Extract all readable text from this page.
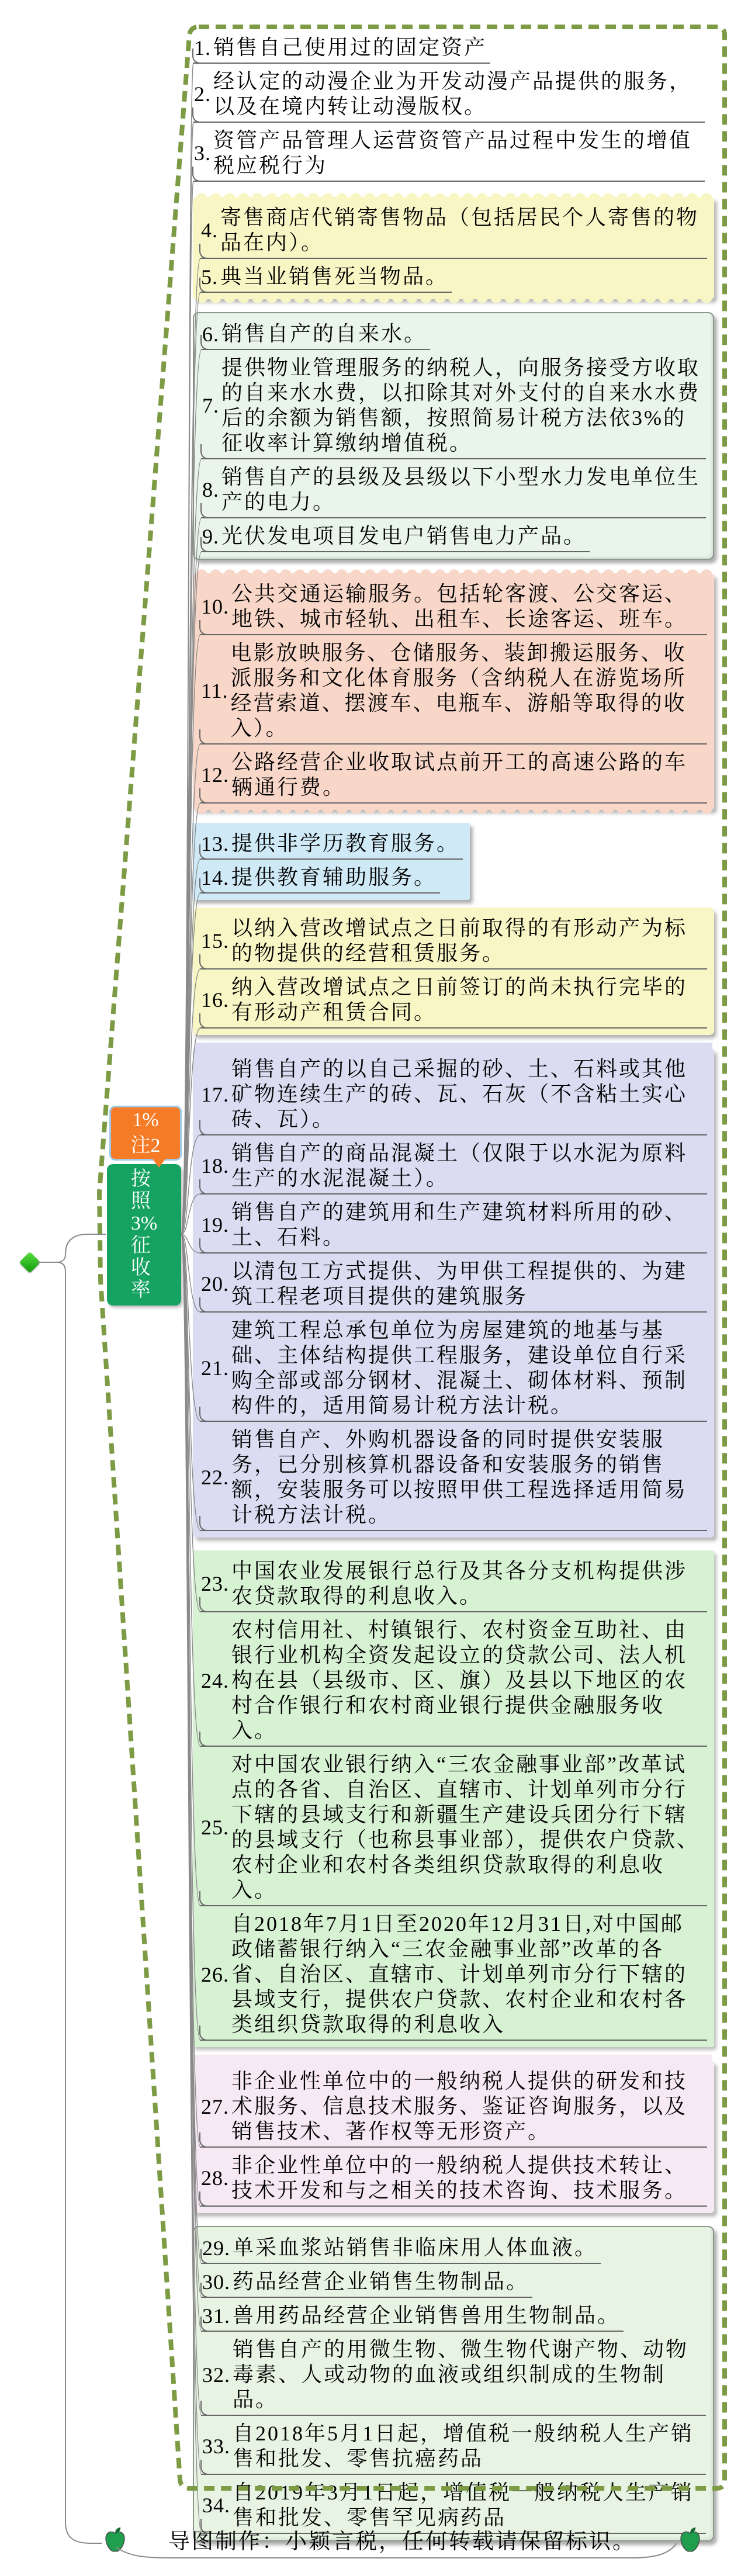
1%
注2
按
照
3%
征
收
率
1. 销售自己使用过的固定资产
2.
经认定的动漫企业为开发动漫产品提供的服务，以及在境内转让动漫版权。
3.
资管产品管理人运营资管产品过程中发生的增值税应税行为
4.
寄售商店代销寄售物品（包括居民个人寄售的物品在内）。
5. 典当业销售死当物品。
6. 销售自产的自来水。
7.
提供物业管理服务的纳税人，向服务接受方收取的自来水水费，以扣除其对外支付的自来水水费后的余额为销售额，按照简易计税方法依3%的征收率计算缴纳增值税。
8.
销售自产的县级及县级以下小型水力发电单位生产的电力。
9. 光伏发电项目发电户销售电力产品。
10.
公共交通运输服务。包括轮客渡、公交客运、地铁、城市轻轨、出租车、长途客运、班车。
11.
电影放映服务、仓储服务、装卸搬运服务、收派服务和文化体育服务（含纳税人在游览场所经营索道、摆渡车、电瓶车、游船等取得的收入）。
12.
公路经营企业收取试点前开工的高速公路的车辆通行费。
13. 提供非学历教育服务。
14. 提供教育辅助服务。
15.
以纳入营改增试点之日前取得的有形动产为标的物提供的经营租赁服务。
16.
纳入营改增试点之日前签订的尚未执行完毕的有形动产租赁合同。
17.
销售自产的以自己采掘的砂、土、石料或其他矿物连续生产的砖、瓦、石灰（不含粘土实心砖、瓦）。
18.
销售自产的商品混凝土（仅限于以水泥为原料生产的水泥混凝土）。
19.
销售自产的建筑用和生产建筑材料所用的砂、土、石料。
20.
以清包工方式提供、为甲供工程提供的、为建筑工程老项目提供的建筑服务
21.
建筑工程总承包单位为房屋建筑的地基与基础、主体结构提供工程服务，建设单位自行采购全部或部分钢材、混凝土、砌体材料、预制构件的，适用简易计税方法计税。
22.
销售自产、外购机器设备的同时提供安装服务，已分别核算机器设备和安装服务的销售额，安装服务可以按照甲供工程选择适用简易计税方法计税。
23.
中国农业发展银行总行及其各分支机构提供涉农贷款取得的利息收入。
24.
农村信用社、村镇银行、农村资金互助社、由银行业机构全资发起设立的贷款公司、法人机构在县（县级市、区、旗）及县以下地区的农村合作银行和农村商业银行提供金融服务收入。
25.
对中国农业银行纳入“三农金融事业部”改革试点的各省、自治区、直辖市、计划单列市分行下辖的县域支行和新疆生产建设兵团分行下辖的县域支行（也称县事业部），提供农户贷款、农村企业和农村各类组织贷款取得的利息收入。
26.
自2018年7月1日至2020年12月31日,对中国邮政储蓄银行纳入“三农金融事业部”改革的各省、自治区、直辖市、计划单列市分行下辖的县域支行，提供农户贷款、农村企业和农村各类组织贷款取得的利息收入
27.
非企业性单位中的一般纳税人提供的研发和技术服务、信息技术服务、鉴证咨询服务，以及销售技术、著作权等无形资产。
28.
非企业性单位中的一般纳税人提供技术转让、技术开发和与之相关的技术咨询、技术服务。
29. 单采血浆站销售非临床用人体血液。
30. 药品经营企业销售生物制品。
31. 兽用药品经营企业销售兽用生物制品。
32.
销售自产的用微生物、微生物代谢产物、动物毒素、人或动物的血液或组织制成的生物制品。
33.
自2018年5月1日起，增值税一般纳税人生产销售和批发、零售抗癌药品
34.
自2019年3月1日起，增值税一般纳税人生产销售和批发、零售罕见病药品
导图制作：小颖言税，任何转载请保留标识。
